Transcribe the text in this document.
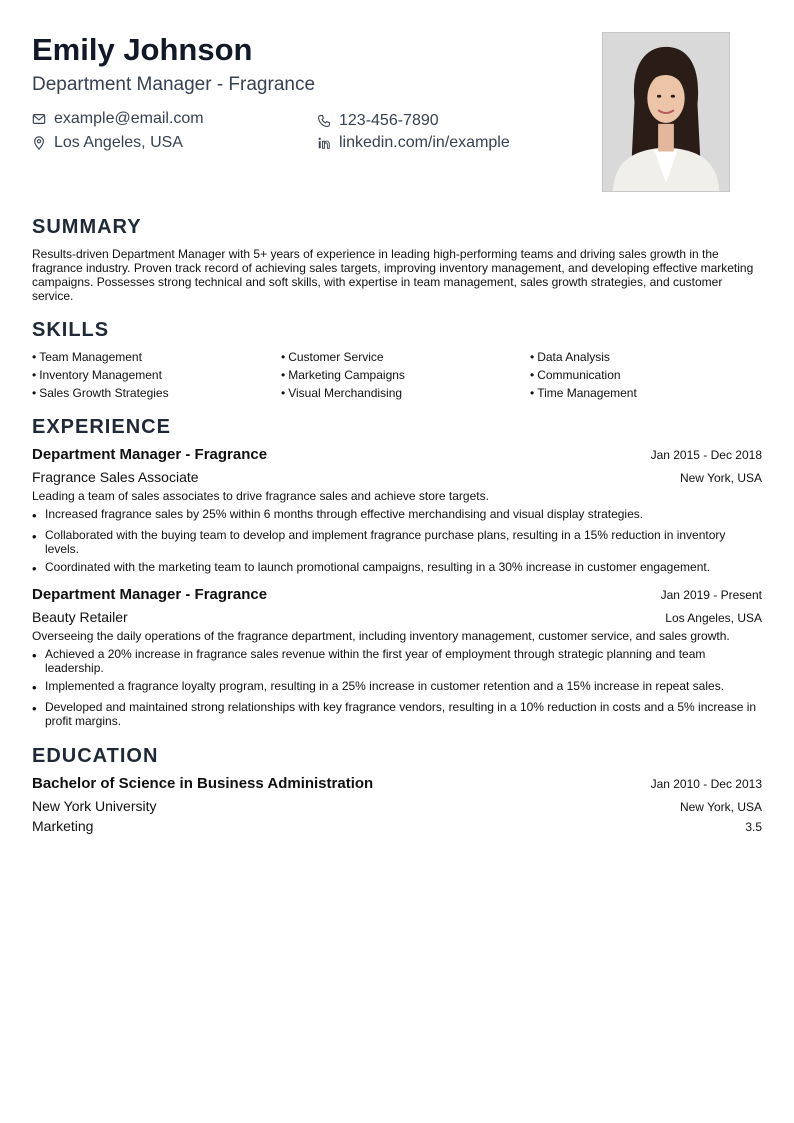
Emily Johnson
Department Manager - Fragrance
example@email.com	123-456-7890
Los Angeles, USA	linkedin.com/in/example
SUMMARY
Results-driven Department Manager with 5+ years of experience in leading high-performing teams and driving sales growth in the fragrance industry. Proven track record of achieving sales targets, improving inventory management, and developing effective marketing campaigns. Possesses strong technical and soft skills, with expertise in team management, sales growth strategies, and customer service.
SKILLS
• Team Management	• Customer Service	• Data Analysis
• Inventory Management	• Marketing Campaigns	• Communication
• Sales Growth Strategies	• Visual Merchandising	• Time Management
EXPERIENCE
Department Manager - Fragrance	Jan 2015 - Dec 2018
Fragrance Sales Associate	New York, USA
Leading a team of sales associates to drive fragrance sales and achieve store targets.
• Increased fragrance sales by 25% within 6 months through effective merchandising and visual display strategies.
• Collaborated with the buying team to develop and implement fragrance purchase plans, resulting in a 15% reduction in inventory levels.
• Coordinated with the marketing team to launch promotional campaigns, resulting in a 30% increase in customer engagement.
Department Manager - Fragrance	Jan 2019 - Present
Beauty Retailer	Los Angeles, USA
Overseeing the daily operations of the fragrance department, including inventory management, customer service, and sales growth.
• Achieved a 20% increase in fragrance sales revenue within the first year of employment through strategic planning and team leadership.
• Implemented a fragrance loyalty program, resulting in a 25% increase in customer retention and a 15% increase in repeat sales.
• Developed and maintained strong relationships with key fragrance vendors, resulting in a 10% reduction in costs and a 5% increase in profit margins.
EDUCATION
Bachelor of Science in Business Administration	Jan 2010 - Dec 2013
New York University	New York, USA
Marketing	3.5
